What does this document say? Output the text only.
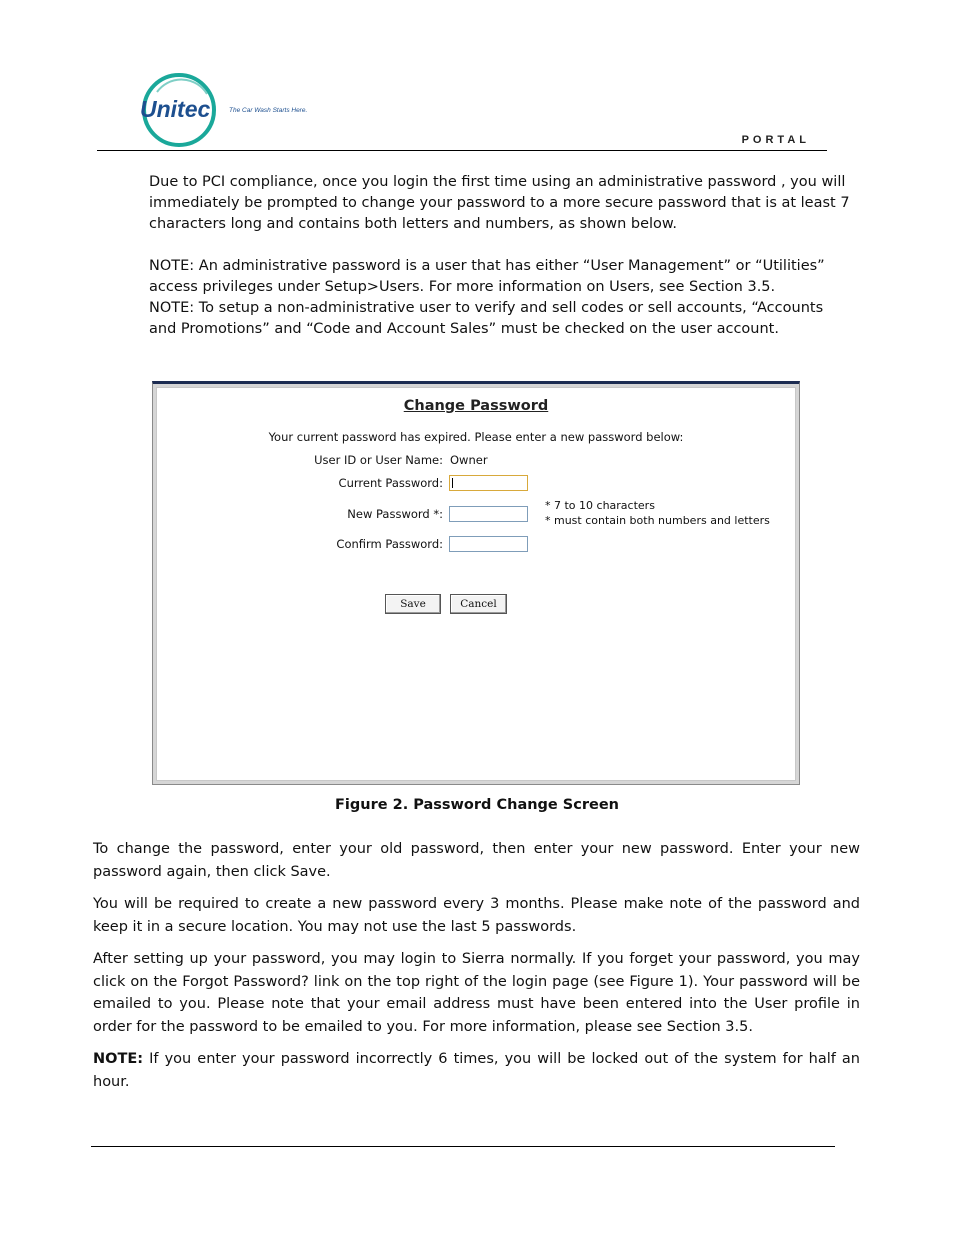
Unitec	The Car Wash Starts Here.
PORTAL

Due to PCI compliance, once you login the first time using an administrative password , you will immediately be prompted to change your password to a more secure password that is at least 7 characters long and contains both letters and numbers, as shown below.

NOTE: An administrative password is a user that has either “User Management” or “Utilities” access privileges under Setup>Users. For more information on Users, see Section 3.5.

NOTE: To setup a non-administrative user to verify and sell codes or sell accounts, “Accounts and Promotions” and “Code and Account Sales” must be checked on the user account.

Change Password
Your current password has expired. Please enter a new password below:
User ID or User Name: Owner
Current Password:
New Password *:
* 7 to 10 characters
* must contain both numbers and letters
Confirm Password:
Save	Cancel
Figure 2. Password Change Screen

To change the password, enter your old password, then enter your new password. Enter your new password again, then click Save.

You will be required to create a new password every 3 months. Please make note of the password and keep it in a secure location. You may not use the last 5 passwords.

After setting up your password, you may login to Sierra normally. If you forget your password, you may click on the Forgot Password? link on the top right of the login page (see Figure 1). Your password will be emailed to you. Please note that your email address must have been entered into the User profile in order for the password to be emailed to you. For more information, please see Section 3.5.

NOTE: If you enter your password incorrectly 6 times, you will be locked out of the system for half an hour.
